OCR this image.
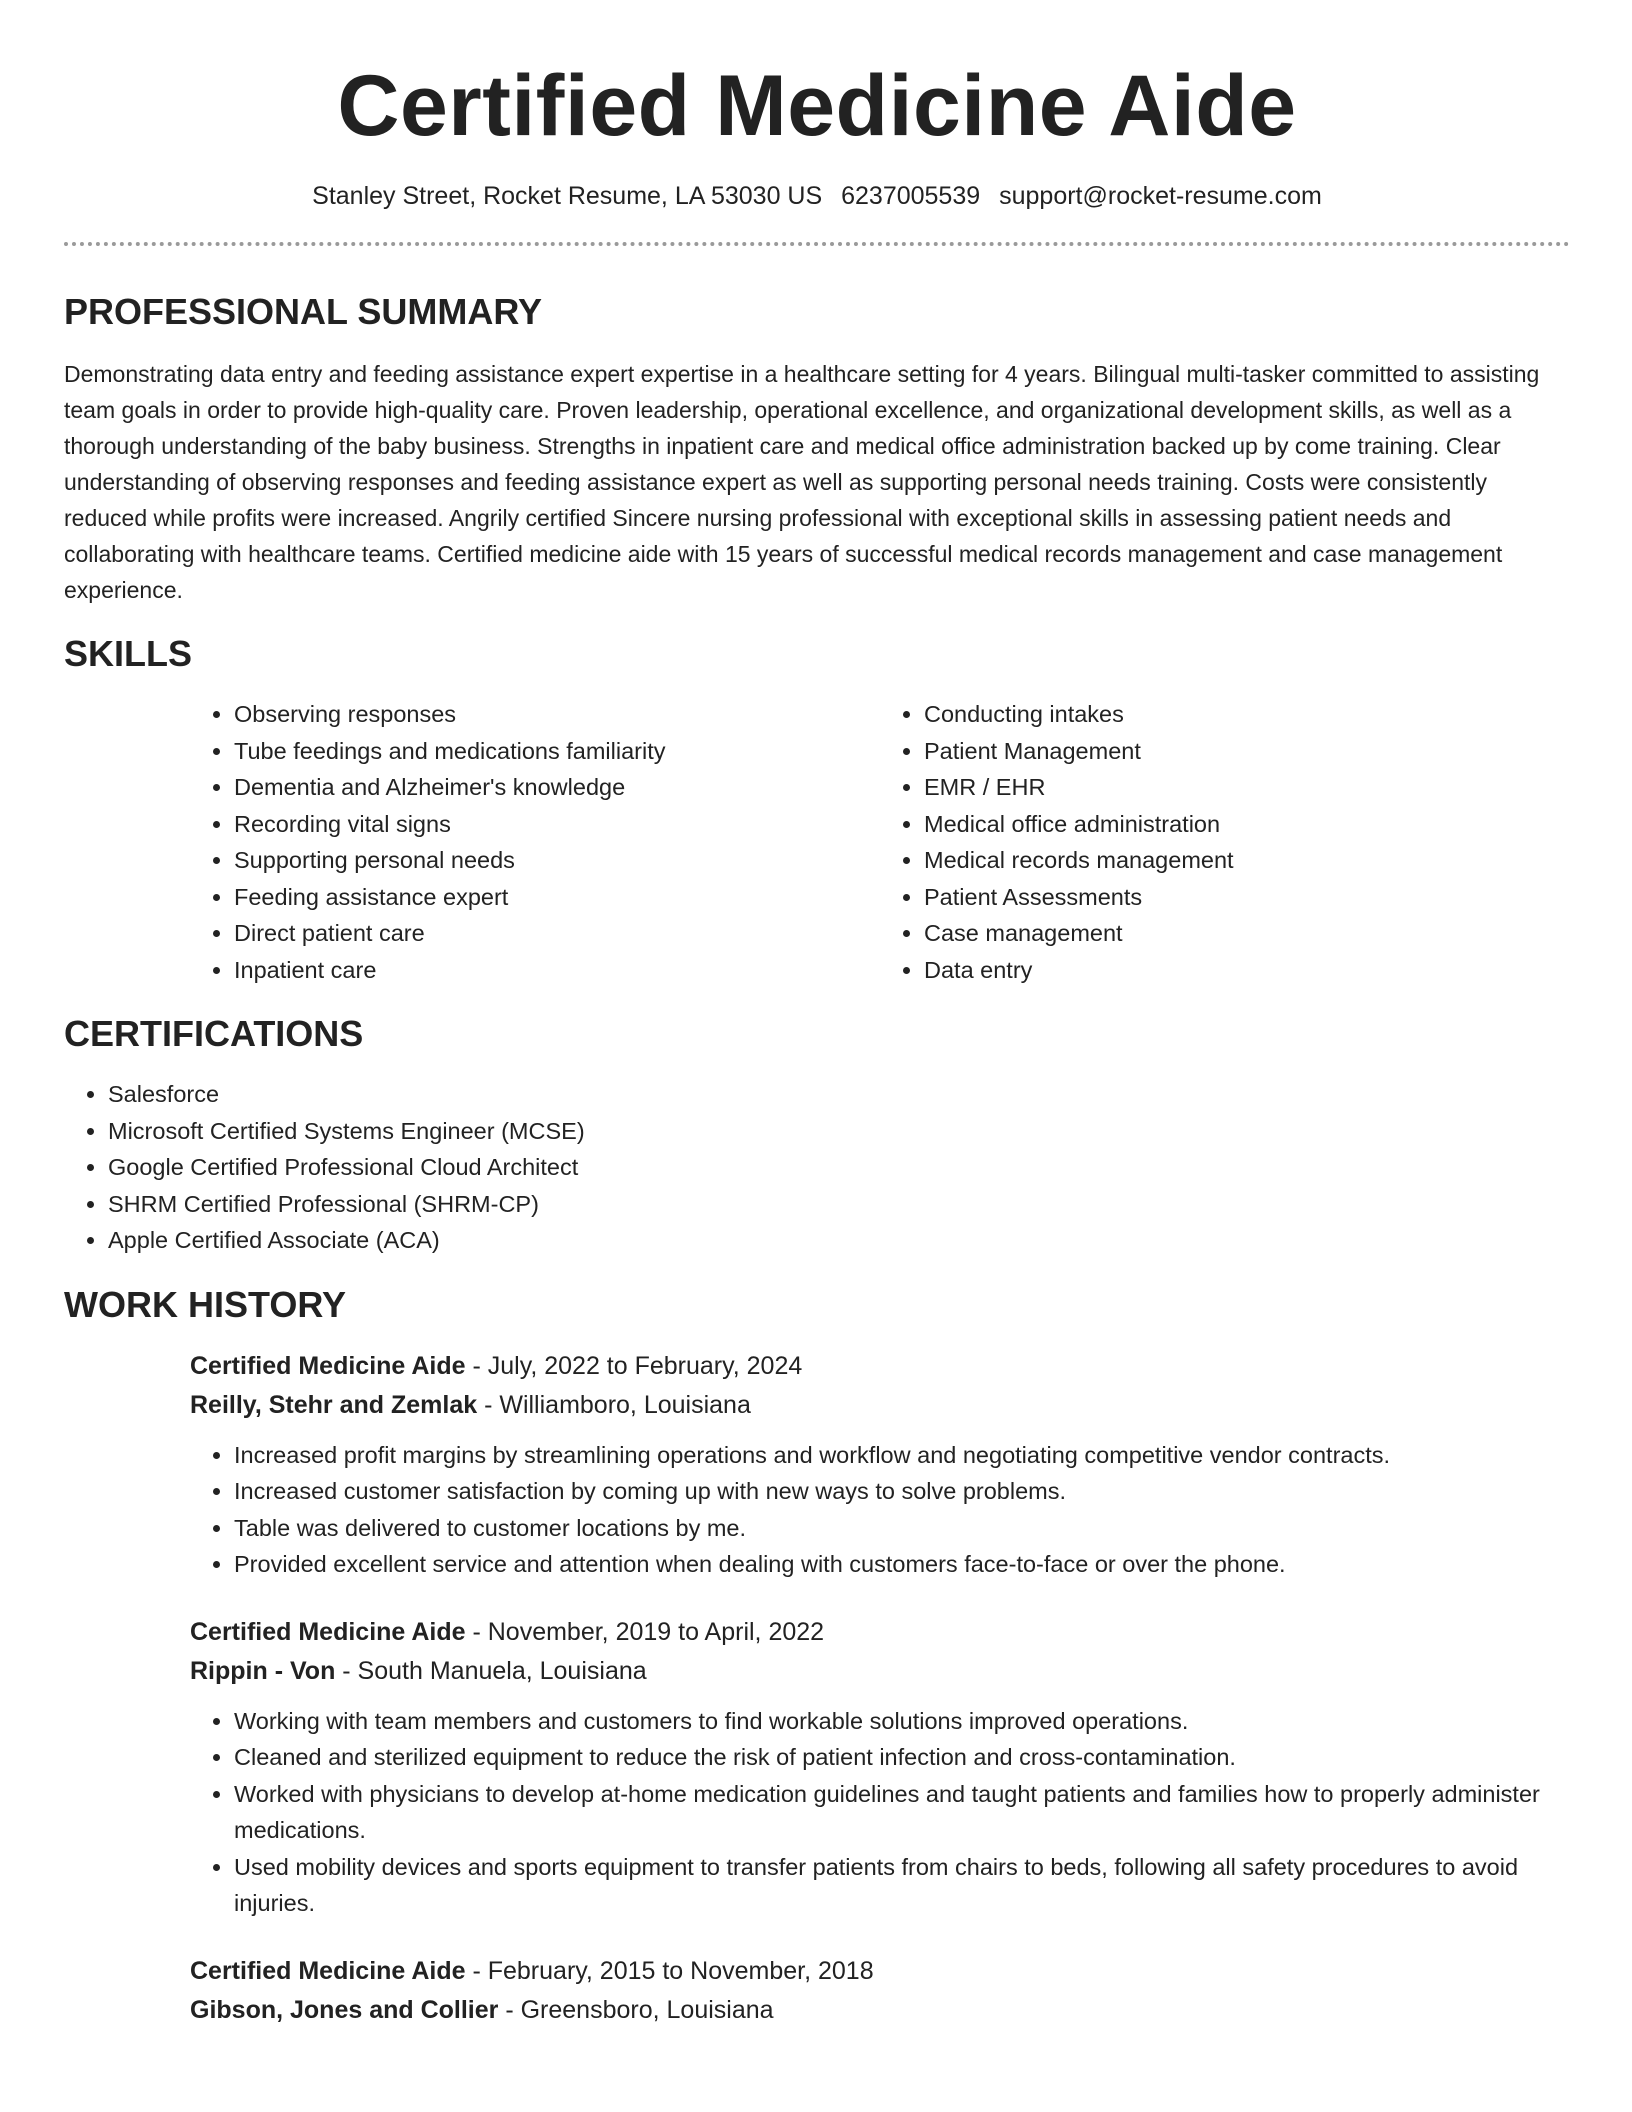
Certified Medicine Aide
Stanley Street, Rocket Resume, LA 53030 US 6237005539 support@rocket-resume.com
PROFESSIONAL SUMMARY

Demonstrating data entry and feeding assistance expert expertise in a healthcare setting for 4 years. Bilingual multi-tasker committed to assisting team goals in order to provide high-quality care. Proven leadership, operational excellence, and organizational development skills, as well as a thorough understanding of the baby business. Strengths in inpatient care and medical office administration backed up by come training. Clear understanding of observing responses and feeding assistance expert as well as supporting personal needs training. Costs were consistently reduced while profits were increased. Angrily certified Sincere nursing professional with exceptional skills in assessing patient needs and collaborating with healthcare teams. Certified medicine aide with 15 years of successful medical records management and case management experience.

SKILLS
• Observing responses
• Tube feedings and medications familiarity
• Dementia and Alzheimer's knowledge
• Recording vital signs
• Supporting personal needs
• Feeding assistance expert
• Direct patient care
• Inpatient care
• Conducting intakes
• Patient Management
• EMR / EHR
• Medical office administration
• Medical records management
• Patient Assessments
• Case management
• Data entry
CERTIFICATIONS
• Salesforce
• Microsoft Certified Systems Engineer (MCSE)
• Google Certified Professional Cloud Architect
• SHRM Certified Professional (SHRM-CP)
• Apple Certified Associate (ACA)
WORK HISTORY
Certified Medicine Aide - July, 2022 to February, 2024
Reilly, Stehr and Zemlak - Williamboro, Louisiana
• Increased profit margins by streamlining operations and workflow and negotiating competitive vendor contracts.
• Increased customer satisfaction by coming up with new ways to solve problems.
• Table was delivered to customer locations by me.
• Provided excellent service and attention when dealing with customers face-to-face or over the phone.
Certified Medicine Aide - November, 2019 to April, 2022
Rippin - Von - South Manuela, Louisiana
• Working with team members and customers to find workable solutions improved operations.
• Cleaned and sterilized equipment to reduce the risk of patient infection and cross-contamination.
• Worked with physicians to develop at-home medication guidelines and taught patients and families how to properly administer medications.
• Used mobility devices and sports equipment to transfer patients from chairs to beds, following all safety procedures to avoid injuries.
Certified Medicine Aide - February, 2015 to November, 2018
Gibson, Jones and Collier - Greensboro, Louisiana
